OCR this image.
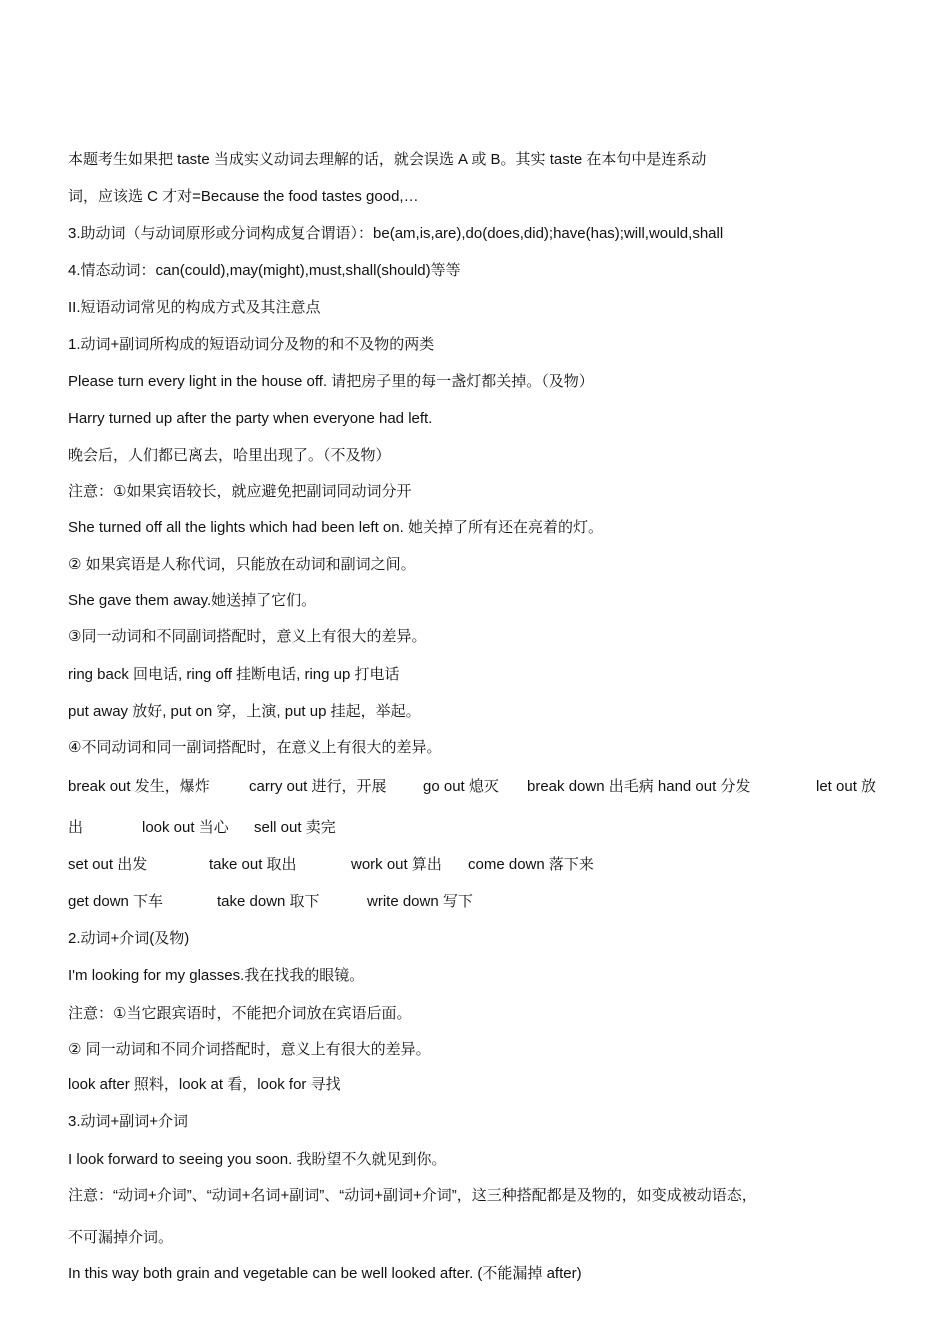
本题考生如果把 taste 当成实义动词去理解的话，就会误选 A 或 B。其实 taste 在本句中是连系动
词，应该选 C 才对=Because the food tastes good,…
3.助动词（与动词原形或分词构成复合谓语）：be(am,is,are),do(does,did);have(has);will,would,shall
4.情态动词：can(could),may(might),must,shall(should)等等
II.短语动词常见的构成方式及其注意点
1.动词+副词所构成的短语动词分及物的和不及物的两类
Please turn every light in the house off. 请把房子里的每一盏灯都关掉。（及物）
Harry turned up after the party when everyone had left.
晚会后，人们都已离去，哈里出现了。（不及物）
注意：①如果宾语较长，就应避免把副词同动词分开
She turned off all the lights which had been left on. 她关掉了所有还在亮着的灯。
② 如果宾语是人称代词，只能放在动词和副词之间。
She gave them away.她送掉了它们。
③同一动词和不同副词搭配时，意义上有很大的差异。
ring back 回电话, ring off 挂断电话, ring up 打电话
put away 放好, put on 穿，上演, put up 挂起，举起。
④不同动词和同一副词搭配时，在意义上有很大的差异。
break out 发生，爆炸	carry out 进行，开展 go out 熄灭 break down 出毛病 hand out 分发	let out 放
出	look out 当心 sell out 卖完
set out 出发	take out 取出	work out 算出 come down 落下来
get down 下车	take down 取下	write down 写下
2.动词+介词(及物)
I'm looking for my glasses.我在找我的眼镜。
注意：①当它跟宾语时，不能把介词放在宾语后面。
② 同一动词和不同介词搭配时，意义上有很大的差异。
look after 照料，look at 看，look for 寻找
3.动词+副词+介词
I look forward to seeing you soon. 我盼望不久就见到你。
注意：“动词+介词”、“动词+名词+副词”、“动词+副词+介词”，这三种搭配都是及物的，如变成被动语态，
不可漏掉介词。
In this way both grain and vegetable can be well looked after. (不能漏掉 after)
